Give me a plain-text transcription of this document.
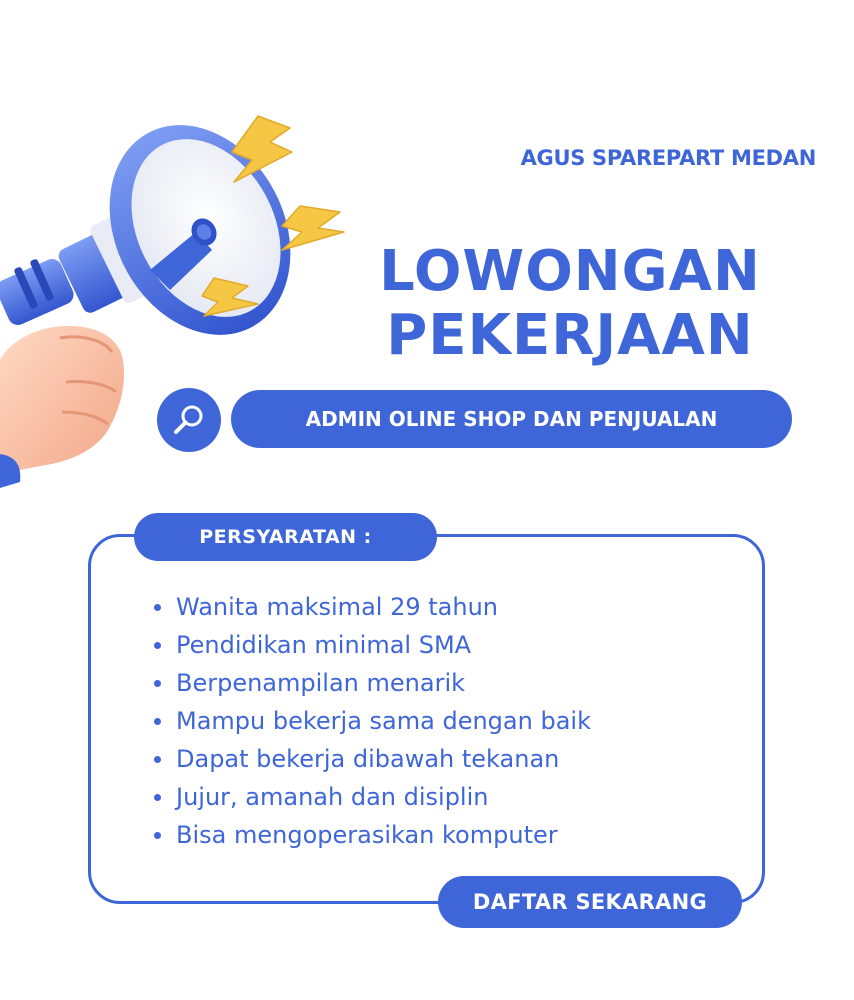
AGUS SPAREPART MEDAN
LOWONGAN
PEKERJAAN
ADMIN OLINE SHOP DAN PENJUALAN
PERSYARATAN :
Wanita maksimal 29 tahun
Pendidikan minimal SMA
Berpenampilan menarik
Mampu bekerja sama dengan baik
Dapat bekerja dibawah tekanan
Jujur, amanah dan disiplin
Bisa mengoperasikan komputer
DAFTAR SEKARANG
